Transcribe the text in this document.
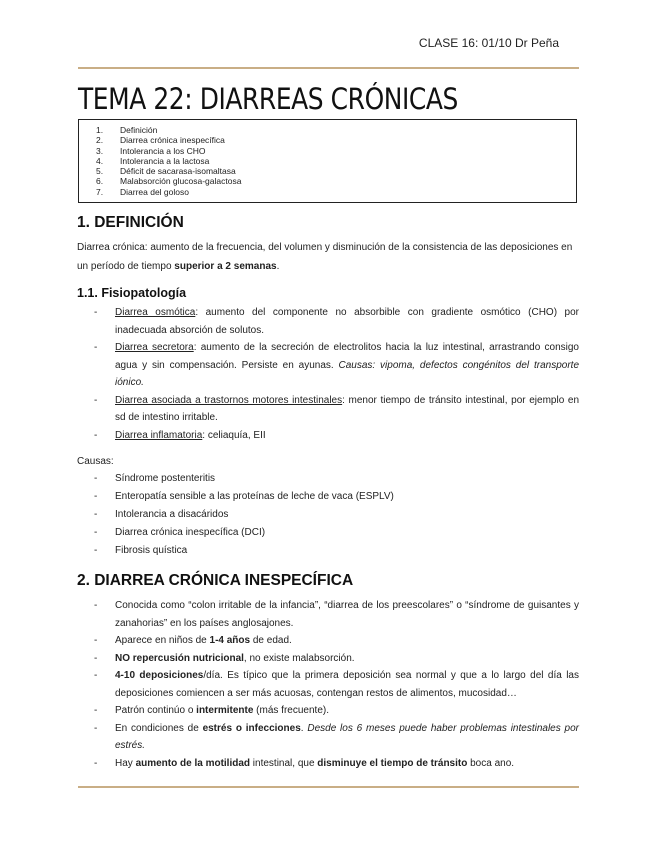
CLASE 16: 01/10 Dr Peña
TEMA 22: DIARREAS CRÓNICAS
1. Definición
2. Diarrea crónica inespecífica
3. Intolerancia a los CHO
4. Intolerancia a la lactosa
5. Déficit de sacarasa-isomaltasa
6. Malabsorción glucosa-galactosa
7. Diarrea del goloso
1. DEFINICIÓN

Diarrea crónica: aumento de la frecuencia, del volumen y disminución de la consistencia de las deposiciones en un período de tiempo superior a 2 semanas.

1.1. Fisiopatología
- Diarrea osmótica: aumento del componente no absorbible con gradiente osmótico (CHO) por inadecuada absorción de solutos.
- Diarrea secretora: aumento de la secreción de electrolitos hacia la luz intestinal, arrastrando consigo agua y sin compensación. Persiste en ayunas. Causas: vipoma, defectos congénitos del transporte iónico.
- Diarrea asociada a trastornos motores intestinales: menor tiempo de tránsito intestinal, por ejemplo en sd de intestino irritable.
- Diarrea inflamatoria: celiaquía, EII

Causas:

- Síndrome postenteritis
- Enteropatía sensible a las proteínas de leche de vaca (ESPLV)
- Intolerancia a disacáridos
- Diarrea crónica inespecífica (DCI)
- Fibrosis quística
2. DIARREA CRÓNICA INESPECÍFICA
- Conocida como “colon irritable de la infancia”, “diarrea de los preescolares” o “síndrome de guisantes y zanahorias” en los países anglosajones.
- Aparece en niños de 1-4 años de edad.
- NO repercusión nutricional, no existe malabsorción.
- 4-10 deposiciones/día. Es típico que la primera deposición sea normal y que a lo largo del día las deposiciones comiencen a ser más acuosas, contengan restos de alimentos, mucosidad…
- Patrón continúo o intermitente (más frecuente).
- En condiciones de estrés o infecciones. Desde los 6 meses puede haber problemas intestinales por estrés.
- Hay aumento de la motilidad intestinal, que disminuye el tiempo de tránsito boca ano.
